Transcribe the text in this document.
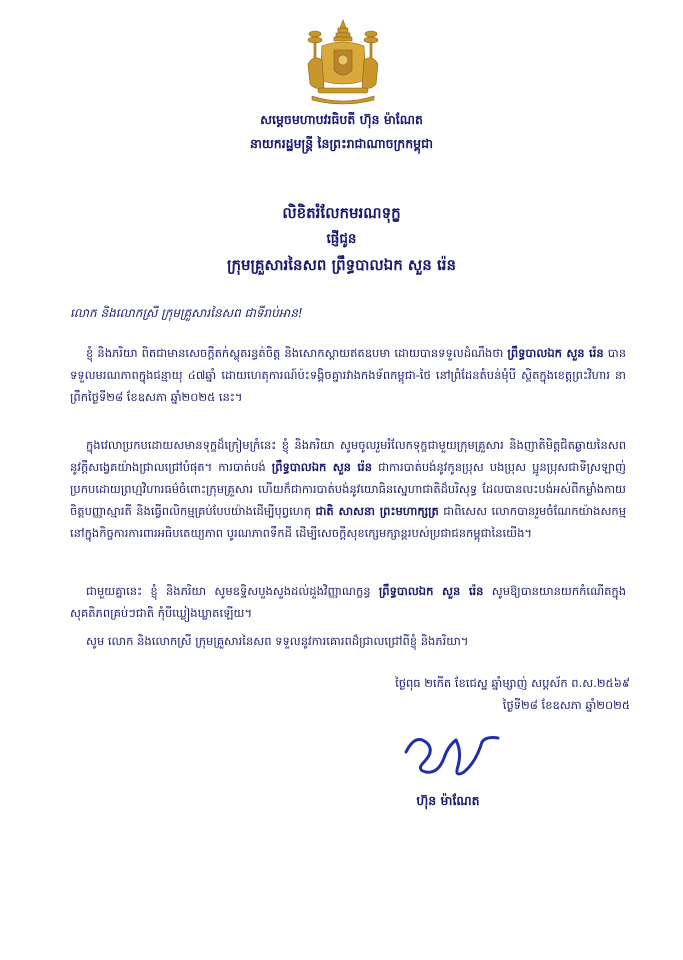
សម្តេចមហាបវរធិបតី ហ៊ុន ម៉ាណែត
នាយករដ្ឋមន្ត្រី នៃព្រះរាជាណាចក្រកម្ពុជា
លិខិតរំលែកមរណទុក្ខ
ផ្ញើជូន
ក្រុមគ្រួសារនៃសព ព្រឹទ្ធបាលឯក សួន រ៉េន
លោក និងលោកស្រី ក្រុមគ្រួសារនៃសព ជាទីរាប់អាន!
ខ្ញុំ និងភរិយា ពិតជាមានសេចក្តីតក់ស្លុតរន្ធត់ចិត្ត និងសោកស្តាយឥតឧបមា ដោយបានទទួលដំណឹងថា ព្រឹទ្ធបាលឯក សួន រ៉េន បានទទួលមរណភាពក្នុងជន្មាយុ ៤៧ឆ្នាំ ដោយហេតុការណ៍ប៉ះទង្គិចគ្នារវាងកងទ័ពកម្ពុជា-ថៃ នៅព្រំដែនតំបន់មុំបី ស្ថិតក្នុងខេត្តព្រះវិហារ នាព្រឹកថ្ងៃទី២៨ ខែឧសភា ឆ្នាំ២០២៥ នេះ។
ក្នុងវេលាប្រកបដោយសមានទុក្ខដ៏ក្រៀមក្រំនេះ ខ្ញុំ និងភរិយា សូមចូលរួមរំលែកទុក្ខជាមួយក្រុមគ្រួសារ និងញាតិមិត្តជិតឆ្ងាយនៃសព នូវក្តីសង្វេគយ៉ាងជ្រាលជ្រៅបំផុត។ ការបាត់បង់ ព្រឹទ្ធបាលឯក សួន រ៉េន ជាការបាត់បង់នូវកូនប្រុស បងប្រុស ប្អូនប្រុសជាទីស្រឡាញ់ ប្រកបដោយព្រហ្មវិហារធម៌ចំពោះក្រុមគ្រួសារ ហើយក៏ជាការបាត់បង់នូវយោធិនស្នេហាជាតិដ៏បរិសុទ្ធ ដែលបានលះបង់អស់ពីកម្លាំងកាយចិត្តបញ្ញាស្មារតី និងធ្វើពលិកម្មគ្រប់បែបយ៉ាងដើម្បីបុព្វហេតុ ជាតិ សាសនា ព្រះមហាក្សត្រ ជាពិសេស លោកបានរួមចំណែកយ៉ាងសកម្ម នៅក្នុងកិច្ចការការពារអធិបតេយ្យភាព បូរណភាពទឹកដី ដើម្បីសេចក្តីសុខក្សេមក្សាន្តរបស់ប្រជាជនកម្ពុជានៃយើង។
ជាមួយគ្នានេះ ខ្ញុំ និងភរិយា សូមឧទ្ទិសបួងសួងដល់ដួងវិញ្ញាណក្ខន្ធ ព្រឹទ្ធបាលឯក សួន រ៉េន សូមឱ្យបានយានយកកំណើតក្នុងសុគតិភពគ្រប់ៗជាតិ កុំបីឃ្លៀងឃ្លាតឡើយ។
សូម លោក និងលោកស្រី ក្រុមគ្រួសារនៃសព ទទួលនូវការគោរពដ៏ជ្រាលជ្រៅពីខ្ញុំ និងភរិយា។
ថ្ងៃពុធ ២កើត ខែជេស្ឋ ឆ្នាំម្សាញ់ សប្តស័ក ព.ស.២៥៦៩
ថ្ងៃទី២៨ ខែឧសភា ឆ្នាំ២០២៥
ហ៊ុន ម៉ាណែត
